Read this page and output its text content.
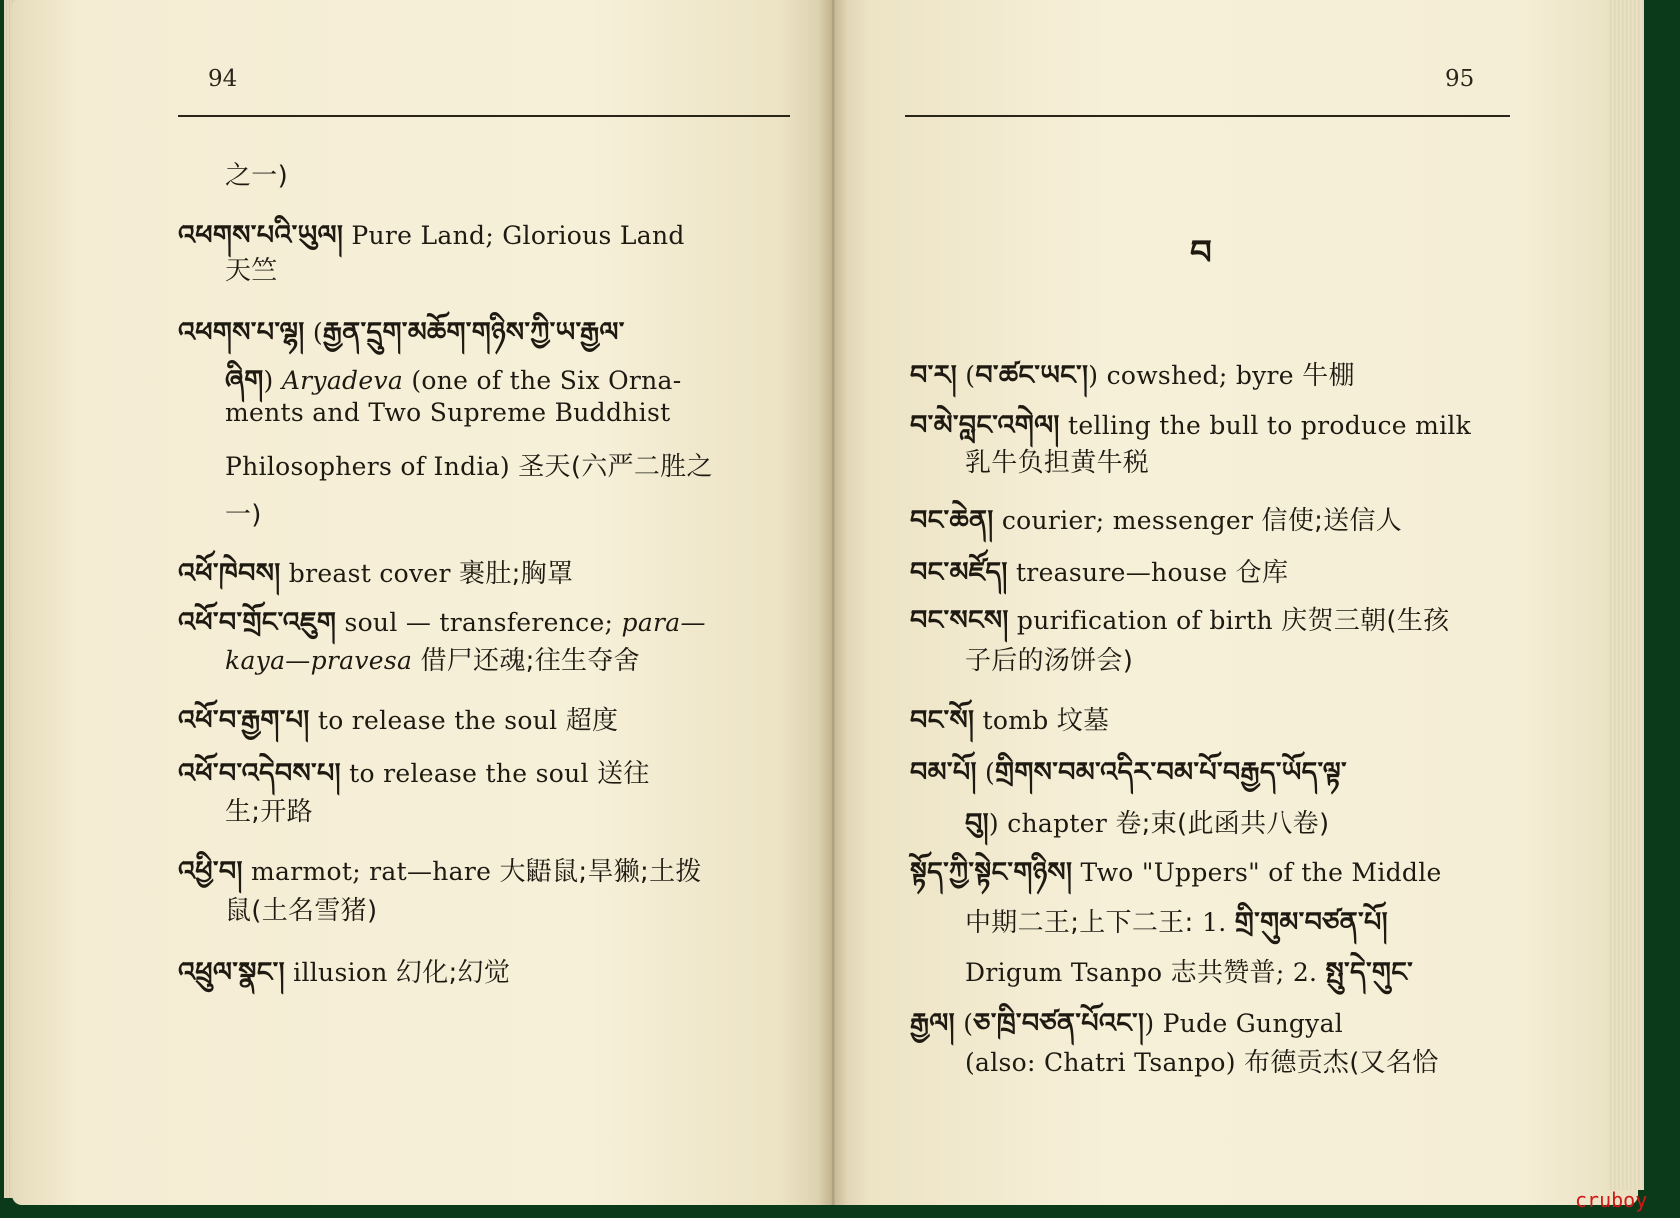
94	95
བ
之一)
འཕགས་པའི་ཡུལ། Pure Land; Glorious Land
天竺
འཕགས་པ་ལྷ། (རྒྱན་དྲུག་མཆོག་གཉིས་ཀྱི་ཡ་རྒྱལ་
ཞིག) Aryadeva (one of the Six Orna-
ments and Two Supreme Buddhist
Philosophers of India) 圣天(六严二胜之
一)
འཕོ་ཁེབས། breast cover 裹肚;胸罩
འཕོ་བ་གྲོང་འཇུག soul — transference; para—
kaya—pravesa 借尸还魂;往生夺舍
འཕོ་བ་རྒྱག་པ། to release the soul 超度
འཕོ་བ་འདེབས་པ། to release the soul 送往
生;开路
འཕྱི་བ། marmot; rat—hare 大鼯鼠;旱獭;土拨
鼠(土名雪猪)
འཕྲུལ་སྣང་། illusion 幻化;幻觉
བ་ར། (བ་ཚང་ཡང་།) cowshed; byre 牛棚
བ་མེ་བླང་འགེལ། telling the bull to produce milk
乳牛负担黄牛税
བང་ཆེན། courier; messenger 信使;送信人
བང་མཛོད། treasure—house 仓库
བང་སངས། purification of birth 庆贺三朝(生孩
子后的汤饼会)
བང་སོ། tomb 坟墓
བམ་པོ། (གྲིགས་བམ་འདིར་བམ་པོ་བརྒྱད་ཡོད་ལྟ་
བུ།) chapter 卷;束(此函共八卷)
སྟོད་ཀྱི་སྟེང་གཉིས། Two "Uppers" of the Middle
中期二王;上下二王: 1. གྲི་གུམ་བཙན་པོ།
Drigum Tsanpo 志共赞普; 2. སྤུ་དེ་གུང་
རྒྱལ། (ཅ་ཁྲི་བཙན་པོའང་།) Pude Gungyal
(also: Chatri Tsanpo) 布德贡杰(又名恰
cruboy
